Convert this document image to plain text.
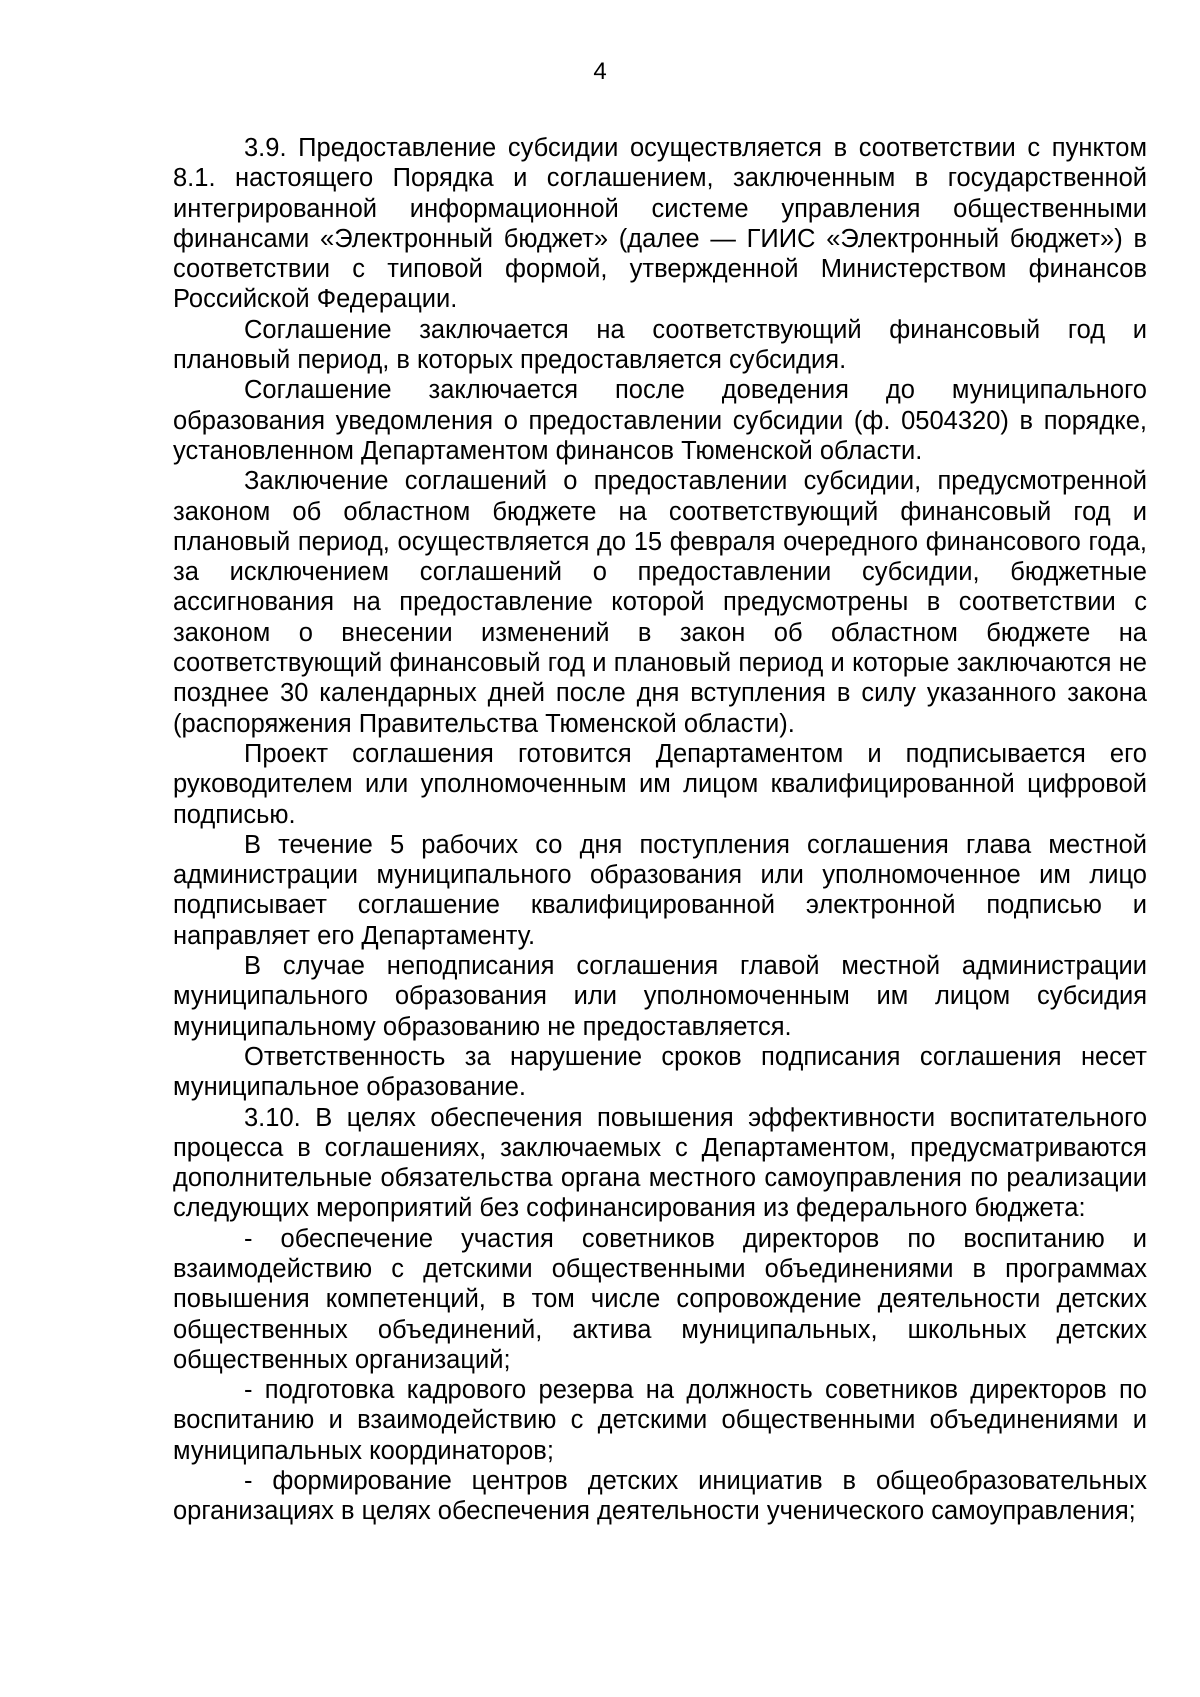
4

3.9. Предоставление субсидии осуществляется в соответствии с пунктом 8.1. настоящего Порядка и соглашением, заключенным в государственной интегрированной информационной системе управления общественными финансами «Электронный бюджет» (далее — ГИИС «Электронный бюджет») в соответствии с типовой формой, утвержденной Министерством финансов Российской Федерации.

Соглашение заключается на соответствующий финансовый год и плановый период, в которых предоставляется субсидия.

Соглашение заключается после доведения до муниципального образования уведомления о предоставлении субсидии (ф. 0504320) в порядке, установленном Департаментом финансов Тюменской области.

Заключение соглашений о предоставлении субсидии, предусмотренной законом об областном бюджете на соответствующий финансовый год и плановый период, осуществляется до 15 февраля очередного финансового года, за исключением соглашений о предоставлении субсидии, бюджетные ассигнования на предоставление которой предусмотрены в соответствии с законом о внесении изменений в закон об областном бюджете на соответствующий финансовый год и плановый период и которые заключаются не позднее 30 календарных дней после дня вступления в силу указанного закона (распоряжения Правительства Тюменской области).

Проект соглашения готовится Департаментом и подписывается его руководителем или уполномоченным им лицом квалифицированной цифровой подписью.

В течение 5 рабочих со дня поступления соглашения глава местной администрации муниципального образования или уполномоченное им лицо подписывает соглашение квалифицированной электронной подписью и направляет его Департаменту.

В случае неподписания соглашения главой местной администрации муниципального образования или уполномоченным им лицом субсидия муниципальному образованию не предоставляется.

Ответственность за нарушение сроков подписания соглашения несет муниципальное образование.

3.10. В целях обеспечения повышения эффективности воспитательного процесса в соглашениях, заключаемых с Департаментом, предусматриваются дополнительные обязательства органа местного самоуправления по реализации следующих мероприятий без софинансирования из федерального бюджета:

- обеспечение участия советников директоров по воспитанию и взаимодействию с детскими общественными объединениями в программах повышения компетенций, в том числе сопровождение деятельности детских общественных объединений, актива муниципальных, школьных детских общественных организаций;

- подготовка кадрового резерва на должность советников директоров по воспитанию и взаимодействию с детскими общественными объединениями и муниципальных координаторов;

- формирование центров детских инициатив в общеобразовательных организациях в целях обеспечения деятельности ученического самоуправления;
